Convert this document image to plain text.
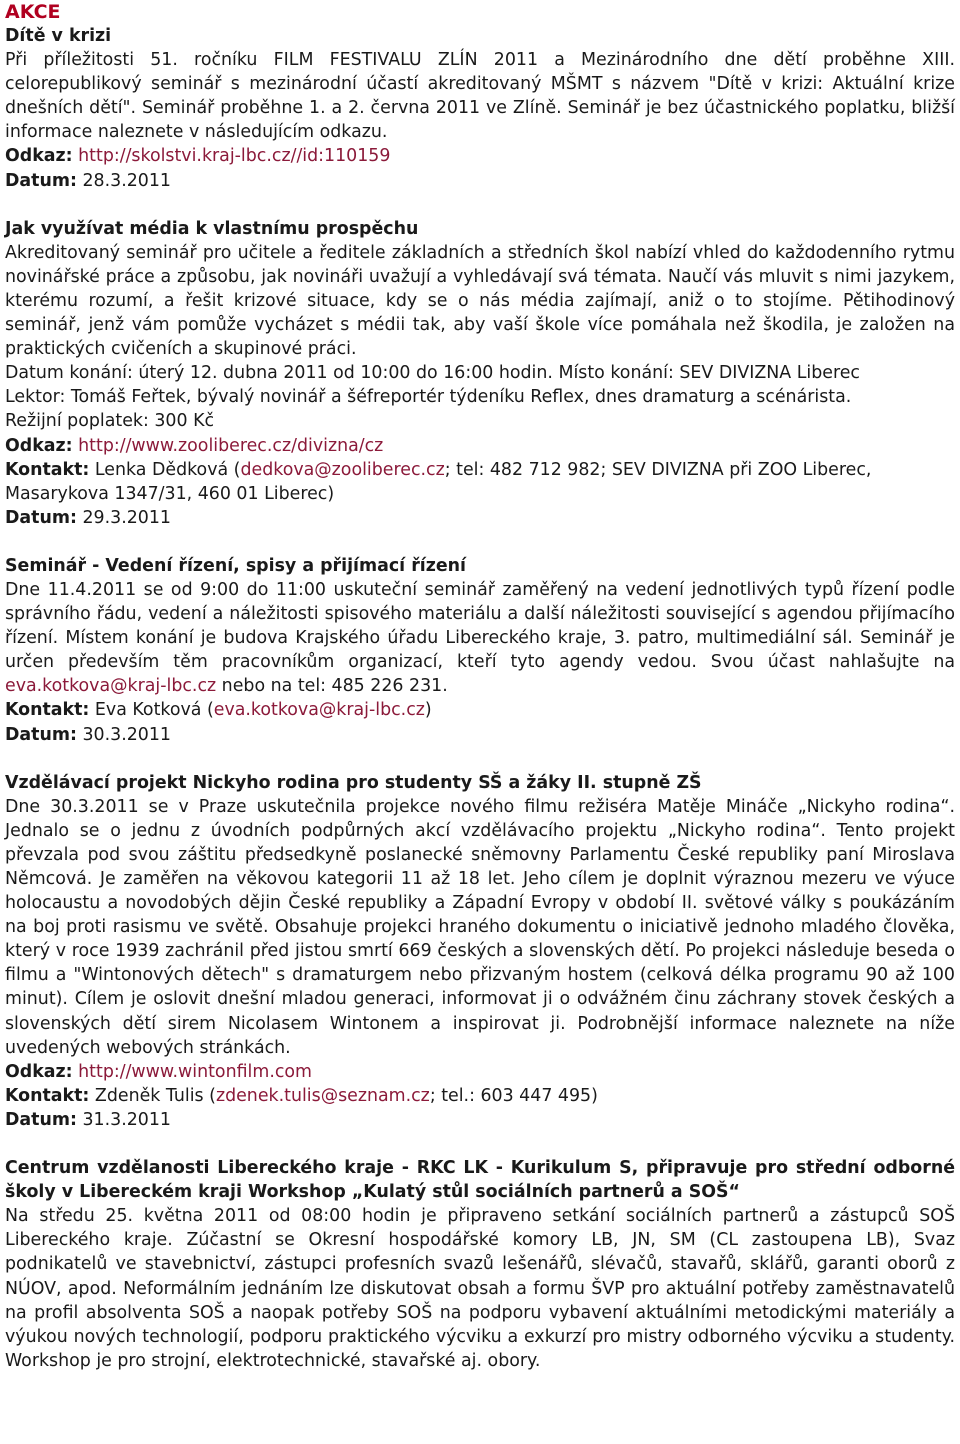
AKCE

Dítě v krizi

Při příležitosti 51. ročníku FILM FESTIVALU ZLÍN 2011 a Mezinárodního dne dětí proběhne XIII. celorepublikový seminář s mezinárodní účastí akreditovaný MŠMT s názvem "Dítě v krizi: Aktuální krize dnešních dětí". Seminář proběhne 1. a 2. června 2011 ve Zlíně. Seminář je bez účastnického poplatku, bližší informace naleznete v následujícím odkazu.

Odkaz: http://skolstvi.kraj-lbc.cz//id:110159

Datum: 28.3.2011

Jak využívat média k vlastnímu prospěchu

Akreditovaný seminář pro učitele a ředitele základních a středních škol nabízí vhled do každodenního rytmu novinářské práce a způsobu, jak novináři uvažují a vyhledávají svá témata. Naučí vás mluvit s nimi jazykem, kterému rozumí, a řešit krizové situace, kdy se o nás média zajímají, aniž o to stojíme. Pětihodinový seminář, jenž vám pomůže vycházet s médii tak, aby vaší škole více pomáhala než škodila, je založen na praktických cvičeních a skupinové práci.

Datum konání: úterý 12. dubna 2011 od 10:00 do 16:00 hodin. Místo konání: SEV DIVIZNA Liberec

Lektor: Tomáš Feřtek, bývalý novinář a šéfreportér týdeníku Reflex, dnes dramaturg a scénárista.

Režijní poplatek: 300 Kč

Odkaz: http://www.zooliberec.cz/divizna/cz

Kontakt: Lenka Dědková (dedkova@zooliberec.cz; tel: 482 712 982; SEV DIVIZNA při ZOO Liberec, Masarykova 1347/31, 460 01 Liberec)

Datum: 29.3.2011

Seminář - Vedení řízení, spisy a přijímací řízení

Dne 11.4.2011 se od 9:00 do 11:00 uskuteční seminář zaměřený na vedení jednotlivých typů řízení podle správního řádu, vedení a náležitosti spisového materiálu a další náležitosti související s agendou přijímacího řízení. Místem konání je budova Krajského úřadu Libereckého kraje, 3. patro, multimediální sál. Seminář je určen především těm pracovníkům organizací, kteří tyto agendy vedou. Svou účast nahlašujte na eva.kotkova@kraj-lbc.cz nebo na tel: 485 226 231.

Kontakt: Eva Kotková (eva.kotkova@kraj-lbc.cz)

Datum: 30.3.2011

Vzdělávací projekt Nickyho rodina pro studenty SŠ a žáky II. stupně ZŠ

Dne 30.3.2011 se v Praze uskutečnila projekce nového filmu režiséra Matěje Mináče „Nickyho rodina“. Jednalo se o jednu z úvodních podpůrných akcí vzdělávacího projektu „Nickyho rodina“. Tento projekt převzala pod svou záštitu předsedkyně poslanecké sněmovny Parlamentu České republiky paní Miroslava Němcová. Je zaměřen na věkovou kategorii 11 až 18 let. Jeho cílem je doplnit výraznou mezeru ve výuce holocaustu a novodobých dějin České republiky a Západní Evropy v období II. světové války s poukázáním na boj proti rasismu ve světě. Obsahuje projekci hraného dokumentu o iniciativě jednoho mladého člověka, který v roce 1939 zachránil před jistou smrtí 669 českých a slovenských dětí. Po projekci následuje beseda o filmu a "Wintonových dětech" s dramaturgem nebo přizvaným hostem (celková délka programu 90 až 100 minut). Cílem je oslovit dnešní mladou generaci, informovat ji o odvážném činu záchrany stovek českých a slovenských dětí sirem Nicolasem Wintonem a inspirovat ji. Podrobnější informace naleznete na níže uvedených webových stránkách.

Odkaz: http://www.wintonfilm.com

Kontakt: Zdeněk Tulis (zdenek.tulis@seznam.cz; tel.: 603 447 495)

Datum: 31.3.2011

Centrum vzdělanosti Libereckého kraje - RKC LK - Kurikulum S, připravuje pro střední odborné školy v Libereckém kraji Workshop „Kulatý stůl sociálních partnerů a SOŠ“

Na středu 25. května 2011 od 08:00 hodin je připraveno setkání sociálních partnerů a zástupců SOŠ Libereckého kraje. Zúčastní se Okresní hospodářské komory LB, JN, SM (CL zastoupena LB), Svaz podnikatelů ve stavebnictví, zástupci profesních svazů lešenářů, slévačů, stavařů, sklářů, garanti oborů z NÚOV, apod. Neformálním jednáním lze diskutovat obsah a formu ŠVP pro aktuální potřeby zaměstnavatelů na profil absolventa SOŠ a naopak potřeby SOŠ na podporu vybavení aktuálními metodickými materiály a výukou nových technologií, podporu praktického výcviku a exkurzí pro mistry odborného výcviku a studenty. Workshop je pro strojní, elektrotechnické, stavařské aj. obory.
